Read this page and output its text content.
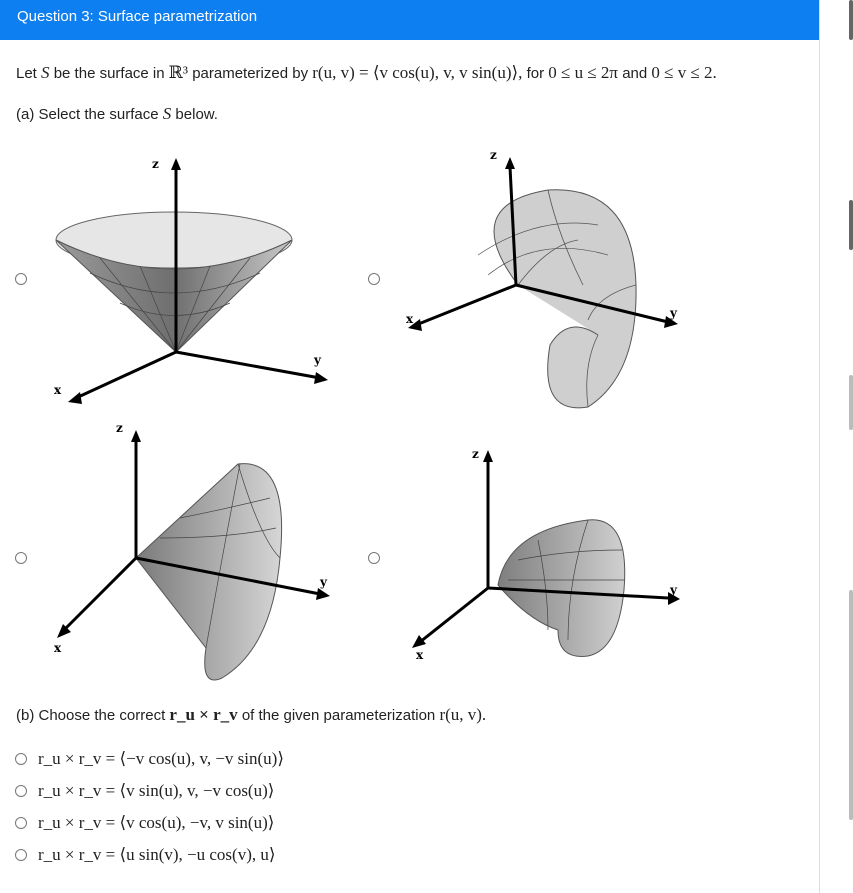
Question 3: Surface parametrization
Let S be the surface in ℝ³ parameterized by r(u, v) = ⟨v cos(u), v, v sin(u)⟩, for 0 ≤ u ≤ 2π and 0 ≤ v ≤ 2.
(a) Select the surface S below.
z
y
x
z
y
x
z
y
x
z
y
x
(b) Choose the correct r_u × r_v of the given parameterization r(u, v).
r_u × r_v = ⟨−v cos(u), v, −v sin(u)⟩
r_u × r_v = ⟨v sin(u), v, −v cos(u)⟩
r_u × r_v = ⟨v cos(u), −v, v sin(u)⟩
r_u × r_v = ⟨u sin(v), −u cos(v), u⟩
